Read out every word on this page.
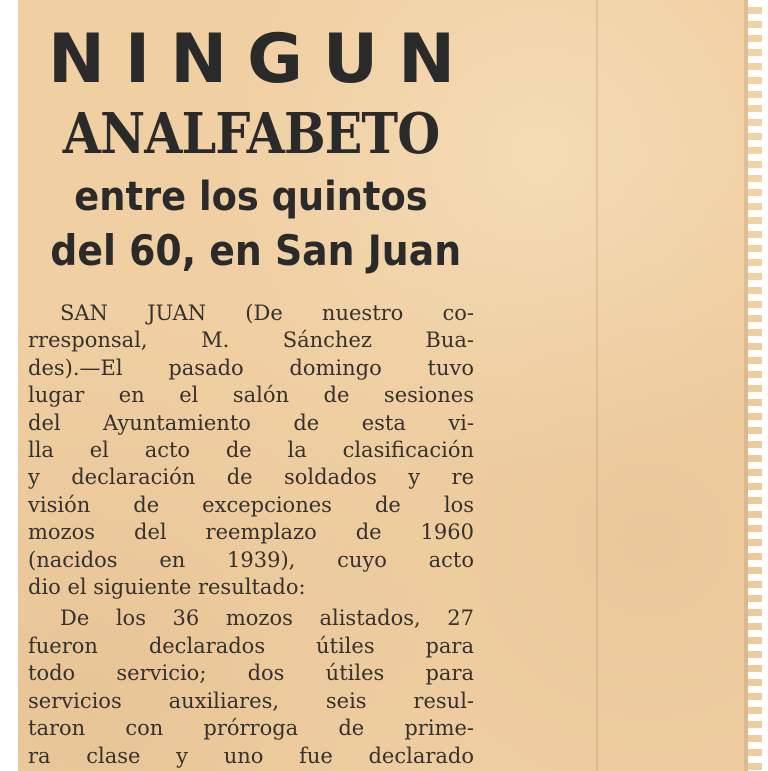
NINGUN

ANALFABETO

entre los quintos

del 60, en San Juan

SAN JUAN (De nuestro co-
rresponsal, M. Sánchez Bua-
des).—El pasado domingo tuvo
lugar en el salón de sesiones
del Ayuntamiento de esta vi-
lla el acto de la clasificación
y declaración de soldados y re
visión de excepciones de los
mozos del reemplazo de 1960
(nacidos en 1939), cuyo acto
dio el siguiente resultado:
De los 36 mozos alistados, 27
fueron declarados útiles para
todo servicio; dos útiles para
servicios auxiliares, seis resul-
taron con prórroga de prime-
ra clase y uno fue declarado
